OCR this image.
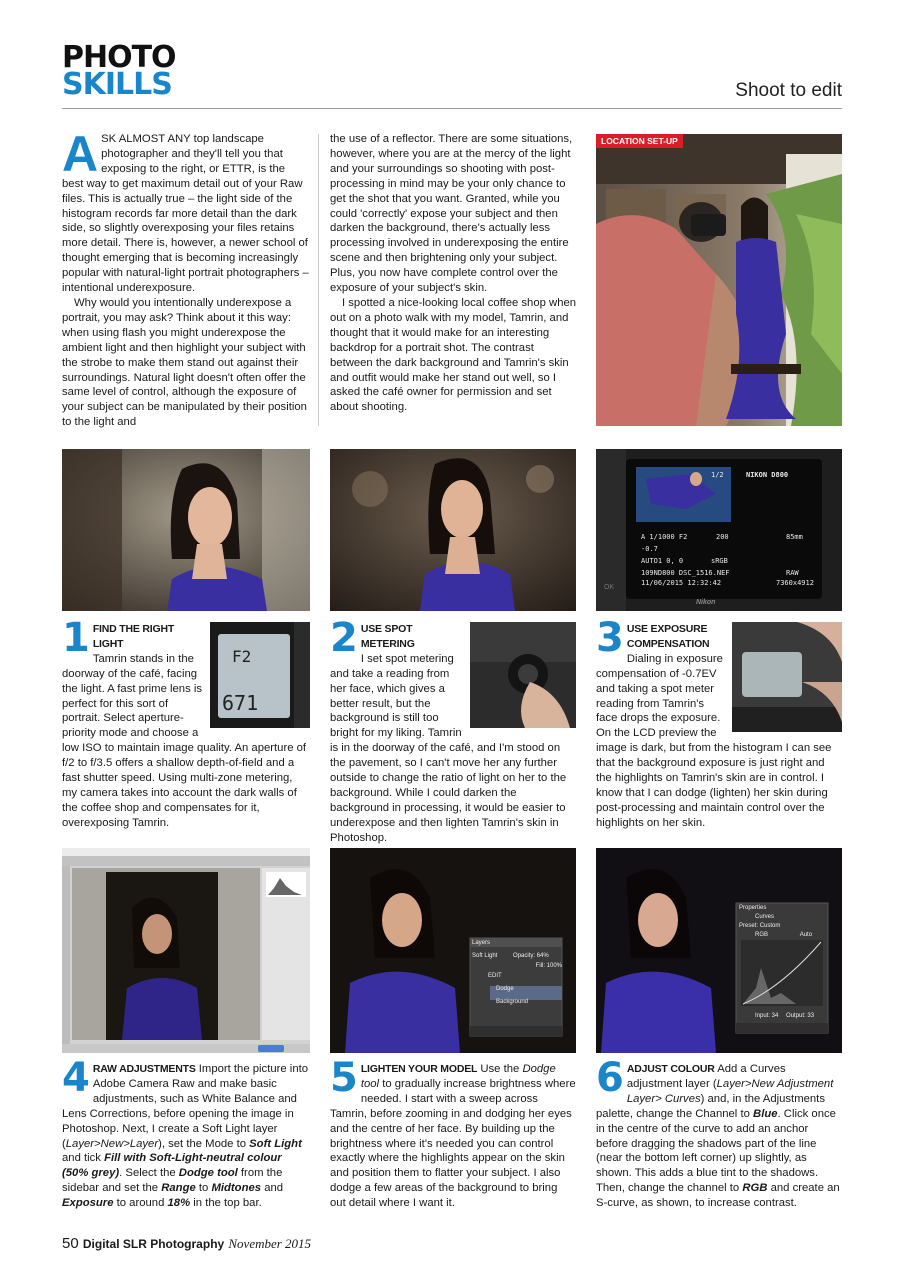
PHOTO
SKILLS	Shoot to edit

ASK ALMOST ANY top landscape photographer and they'll tell you that exposing to the right, or ETTR, is the best way to get maximum detail out of your Raw files. This is actually true – the light side of the histogram records far more detail than the dark side, so slightly overexposing your files retains more detail. There is, however, a newer school of thought emerging that is becoming increasingly popular with natural-light portrait photographers – intentional underexposure.

Why would you intentionally underexpose a portrait, you may ask? Think about it this way: when using flash you might underexpose the ambient light and then highlight your subject with the strobe to make them stand out against their surroundings. Natural light doesn't often offer the same level of control, although the exposure of your subject can be manipulated by their position to the light and

the use of a reflector. There are some situations, however, where you are at the mercy of the light and your surroundings so shooting with post-processing in mind may be your only chance to get the shot that you want. Granted, while you could 'correctly' expose your subject and then darken the background, there's actually less processing involved in underexposing the entire scene and then brightening only your subject. Plus, you now have complete control over the exposure of your subject's skin.

I spotted a nice-looking local coffee shop when out on a photo walk with my model, Tamrin, and thought that it would make for an interesting backdrop for a portrait shot. The contrast between the dark background and Tamrin's skin and outfit would make her stand out well, so I asked the café owner for permission and set about shooting.

LOCATION SET-UP
OK
1/2	NIKON D800
A 1/1000 F2	200	85mm
-0.7
AUTO1 0, 0	sRGB
109ND800 DSC_1516.NEF
11/06/2015 12:32:42
RAW
7360x4912
Nikon
F2
671
1 FIND THE RIGHT LIGHT
Tamrin stands in the doorway of the café, facing the light. A fast prime lens is perfect for this sort of portrait. Select aperture-priority mode and choose a low ISO to maintain image quality. An aperture of f/2 to f/3.5 offers a shallow depth-of-field and a fast shutter speed. Using multi-zone metering, my camera takes into account the dark walls of the coffee shop and compensates for it, overexposing Tamrin.
2 USE SPOT METERING
I set spot metering and take a reading from her face, which gives a better result, but the background is still too bright for my liking. Tamrin is in the doorway of the café, and I'm stood on the pavement, so I can't move her any further outside to change the ratio of light on her to the background. While I could darken the background in processing, it would be easier to underexpose and then lighten Tamrin's skin in Photoshop.
3 USE EXPOSURE COMPENSATION
Dialing in exposure compensation of -0.7EV and taking a spot meter reading from Tamrin's face drops the exposure. On the LCD preview the image is dark, but from the histogram I can see that the background exposure is just right and the highlights on Tamrin's skin are in control. I know that I can dodge (lighten) her skin during post-processing and maintain control over the highlights on her skin.
Layers
Soft Light	Opacity: 64%
Fill: 100%
EDIT
Dodge
Background
Properties
Curves
Preset: Custom
RGB	Auto
Input: 34 Output: 33
4 RAW ADJUSTMENTS Import the picture into Adobe Camera Raw and make basic adjustments, such as White Balance and Lens Corrections, before opening the image in Photoshop. Next, I create a Soft Light layer (Layer>New>Layer), set the Mode to Soft Light and tick Fill with Soft-Light-neutral colour (50% grey). Select the Dodge tool from the sidebar and set the Range to Midtones and Exposure to around 18% in the top bar.
5 LIGHTEN YOUR MODEL Use the Dodge tool to gradually increase brightness where needed. I start with a sweep across Tamrin, before zooming in and dodging her eyes and the centre of her face. By building up the brightness where it's needed you can control exactly where the highlights appear on the skin and position them to flatter your subject. I also dodge a few areas of the background to bring out detail where I want it.
6 ADJUST COLOUR Add a Curves adjustment layer (Layer>New Adjustment Layer> Curves) and, in the Adjustments palette, change the Channel to Blue. Click once in the centre of the curve to add an anchor before dragging the shadows part of the line (near the bottom left corner) up slightly, as shown. This adds a blue tint to the shadows. Then, change the channel to RGB and create an S-curve, as shown, to increase contrast.
50 Digital SLR Photography November 2015
